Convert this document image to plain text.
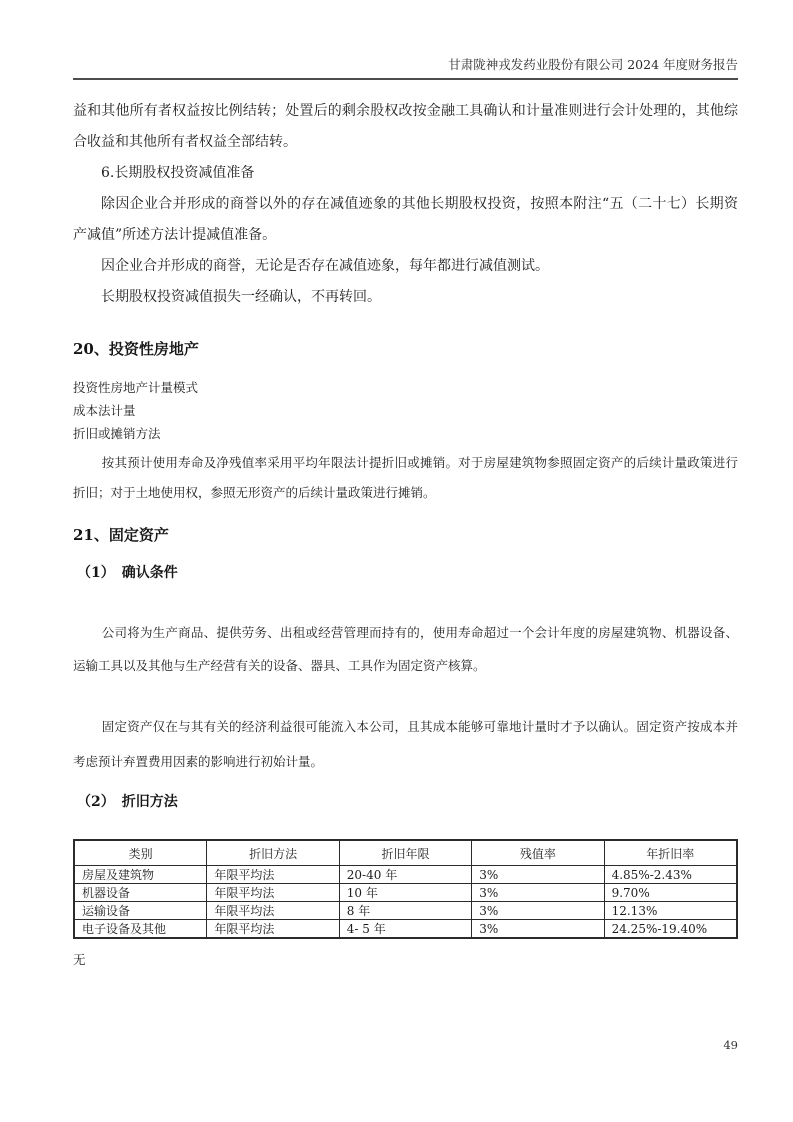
甘肃陇神戎发药业股份有限公司 2024 年度财务报告

益和其他所有者权益按比例结转；处置后的剩余股权改按金融工具确认和计量准则进行会计处理的，其他综合收益和其他所有者权益全部结转。

6.长期股权投资减值准备

除因企业合并形成的商誉以外的存在减值迹象的其他长期股权投资，按照本附注“五（二十七）长期资产减值”所述方法计提减值准备。

因企业合并形成的商誉，无论是否存在减值迹象，每年都进行减值测试。

长期股权投资减值损失一经确认，不再转回。

20、投资性房地产

投资性房地产计量模式

成本法计量

折旧或摊销方法

按其预计使用寿命及净残值率采用平均年限法计提折旧或摊销。对于房屋建筑物参照固定资产的后续计量政策进行折旧；对于土地使用权，参照无形资产的后续计量政策进行摊销。

21、固定资产
（1）　确认条件

公司将为生产商品、提供劳务、出租或经营管理而持有的，使用寿命超过一个会计年度的房屋建筑物、机器设备、运输工具以及其他与生产经营有关的设备、器具、工具作为固定资产核算。

固定资产仅在与其有关的经济利益很可能流入本公司，且其成本能够可靠地计量时才予以确认。固定资产按成本并考虑预计弃置费用因素的影响进行初始计量。

（2）　折旧方法
类别	折旧方法	折旧年限	残值率	年折旧率
房屋及建筑物	年限平均法	20-40 年	3%	4.85%-2.43%
机器设备	年限平均法	10 年	3%	9.70%
运输设备	年限平均法	8 年	3%	12.13%
电子设备及其他	年限平均法	4- 5 年	3%	24.25%-19.40%

无

49
